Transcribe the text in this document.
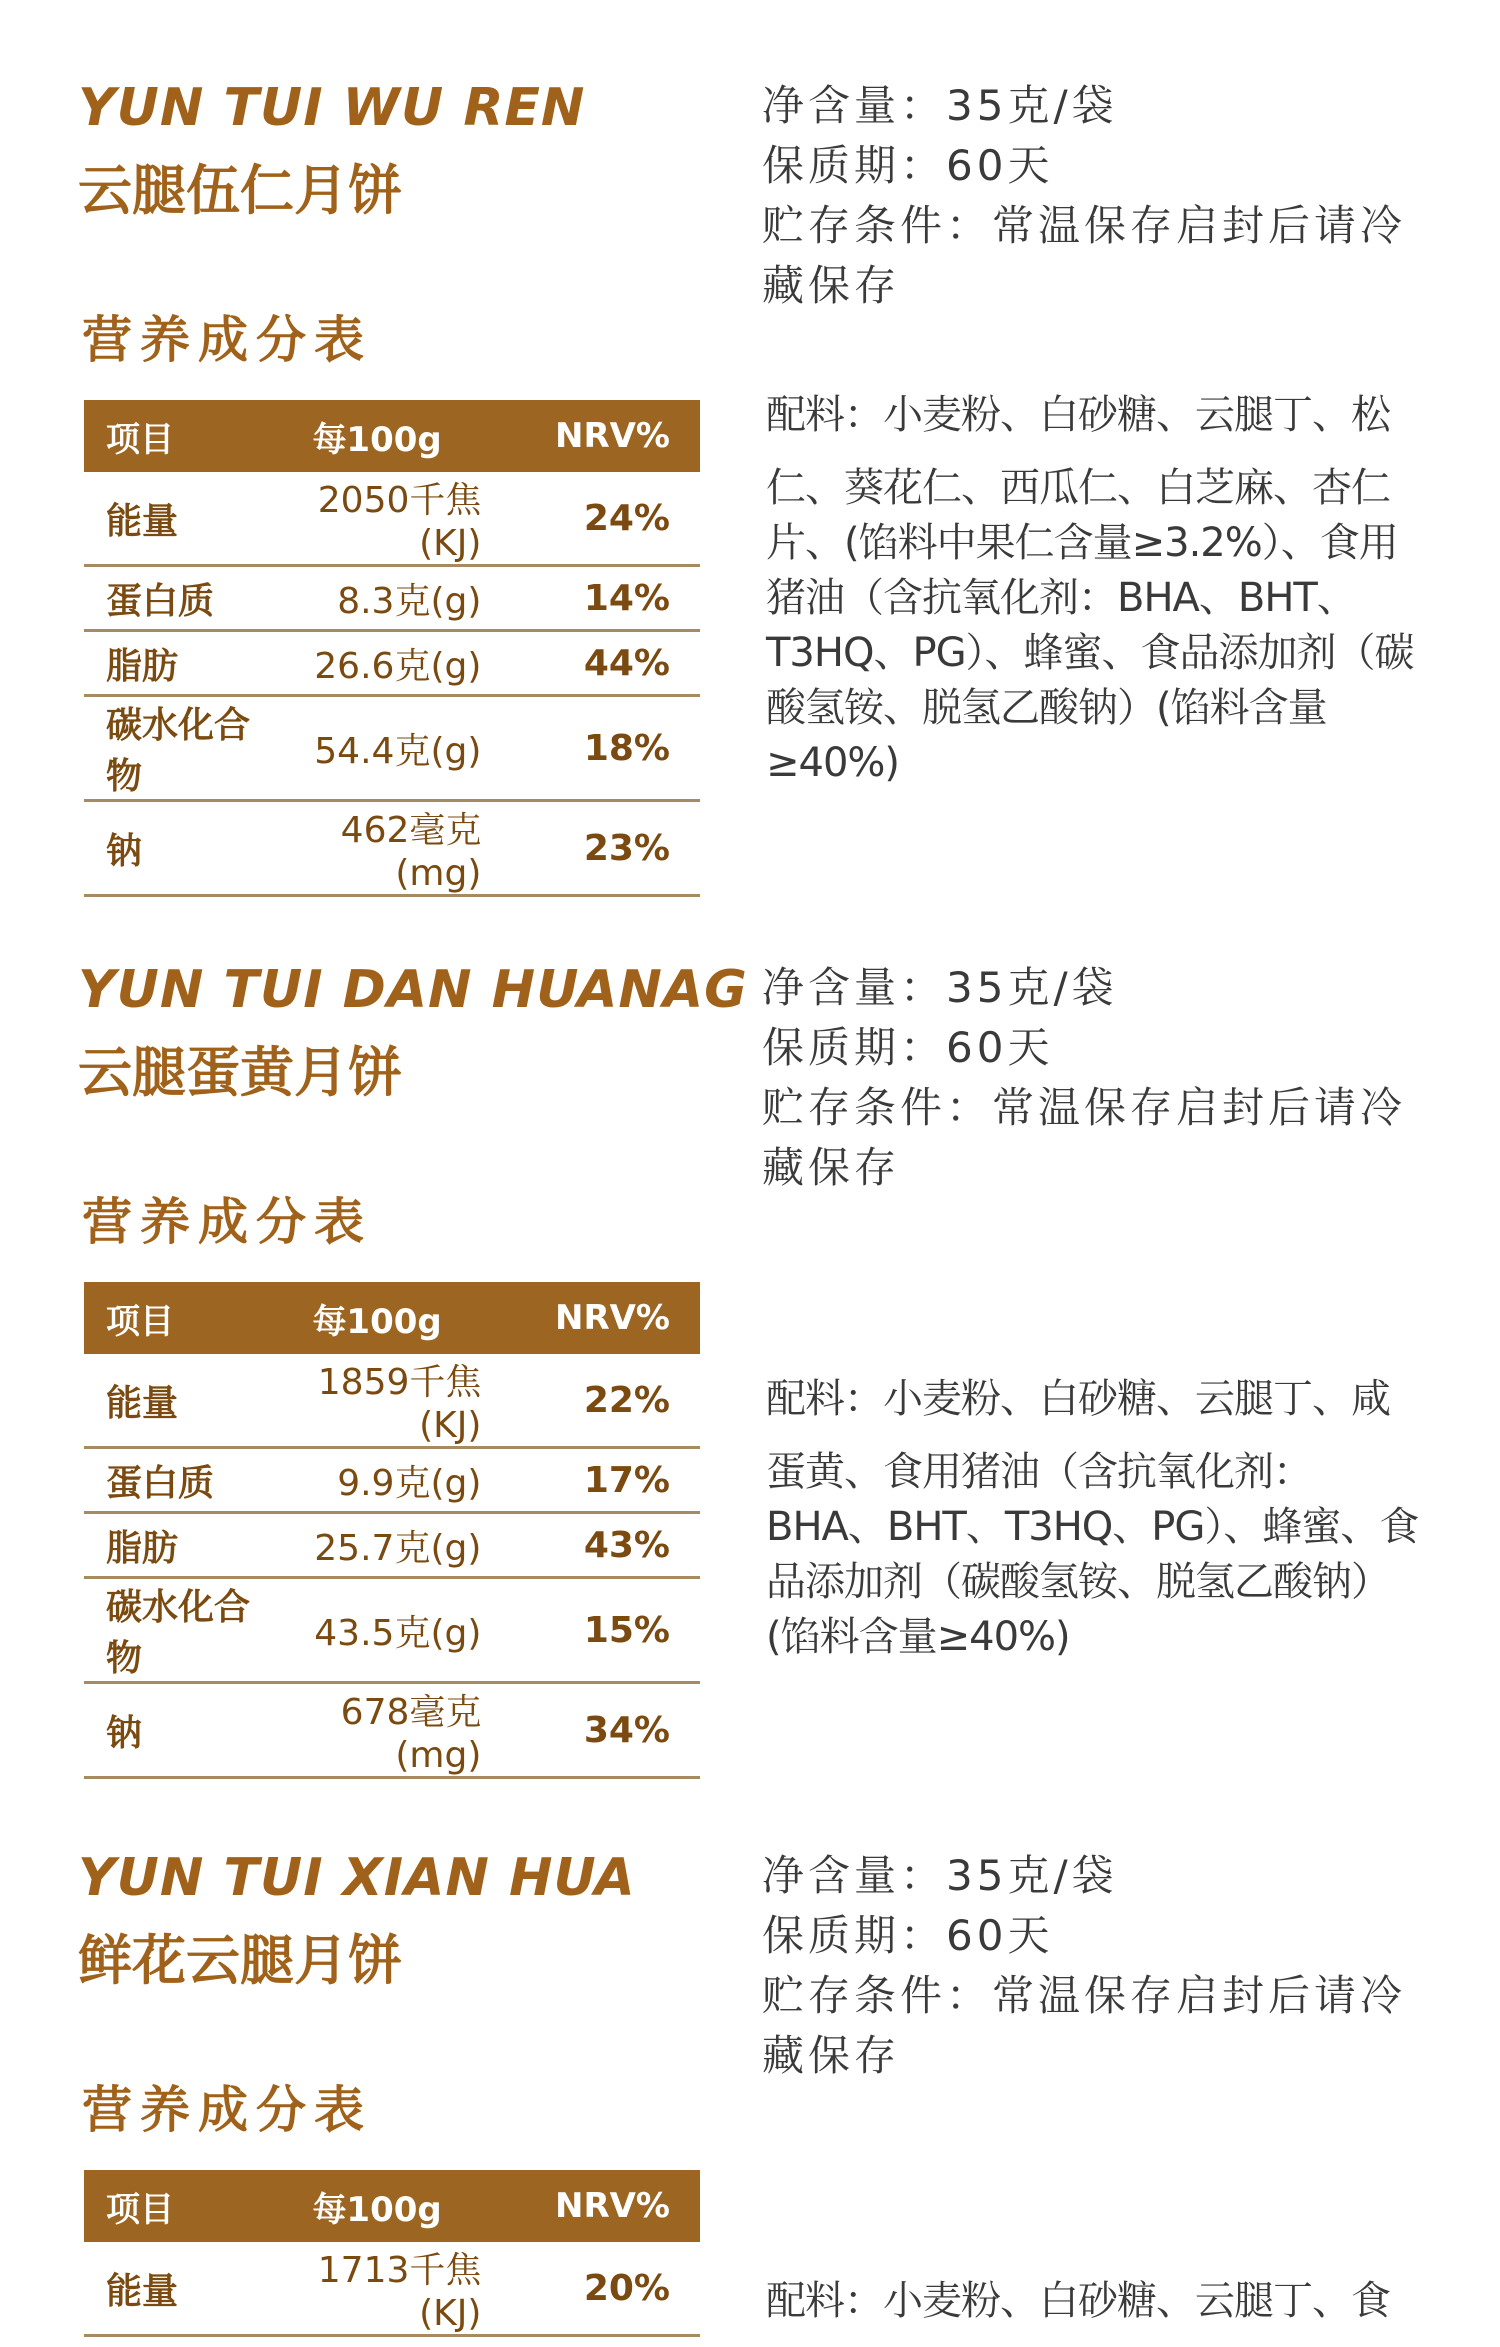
YUN TUI WU REN
云腿伍仁月饼
营养成分表
项目	每100g	NRV%
能量	2050千焦(KJ)	24%
蛋白质	8.3克(g)	14%
脂肪	26.6克(g)	44%
碳水化合物	54.4克(g)	18%
钠	462毫克(mg)	23%
净含量：35克/袋
保质期：60天
贮存条件：常温保存启封后请冷藏保存
配料：小麦粉、白砂糖、云腿丁、松
仁、葵花仁、西瓜仁、白芝麻、杏仁片、(馅料中果仁含量≥3.2%）、食用猪油（含抗氧化剂：BHA、BHT、T3HQ、PG）、蜂蜜、食品添加剂（碳酸氢铵、脱氢乙酸钠）(馅料含量≥40%)
YUN TUI DAN HUANAG
云腿蛋黄月饼
营养成分表
项目	每100g	NRV%
能量	1859千焦(KJ)	22%
蛋白质	9.9克(g)	17%
脂肪	25.7克(g)	43%
碳水化合物	43.5克(g)	15%
钠	678毫克(mg)	34%
净含量：35克/袋
保质期：60天
贮存条件：常温保存启封后请冷藏保存
配料：小麦粉、白砂糖、云腿丁、咸
蛋黄、食用猪油（含抗氧化剂：BHA、BHT、T3HQ、PG）、蜂蜜、食品添加剂（碳酸氢铵、脱氢乙酸钠）(馅料含量≥40%)
YUN TUI XIAN HUA
鲜花云腿月饼
营养成分表
项目	每100g	NRV%
能量	1713千焦(KJ)	20%
净含量：35克/袋
保质期：60天
贮存条件：常温保存启封后请冷藏保存
配料：小麦粉、白砂糖、云腿丁、食
